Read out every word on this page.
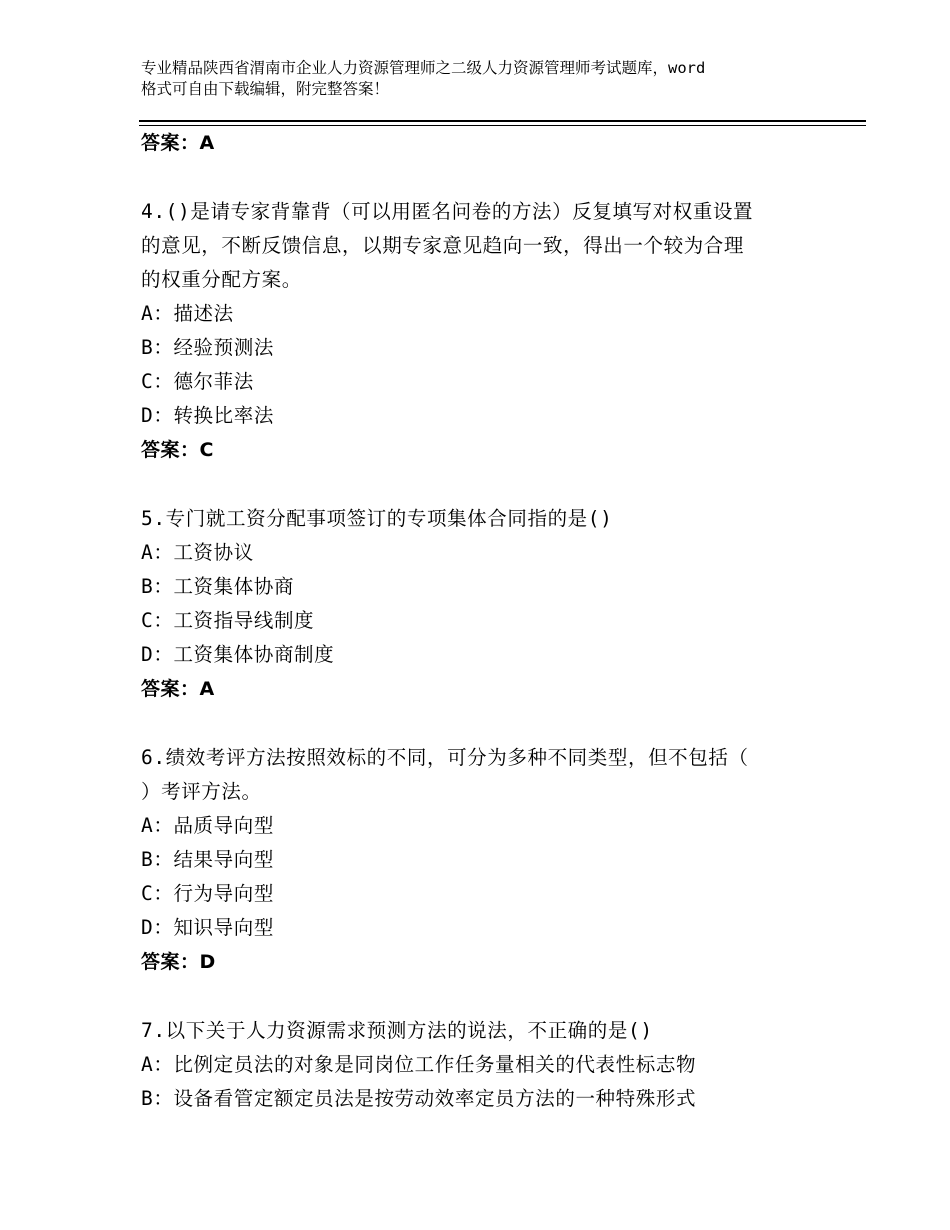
专业精品陕西省渭南市企业人力资源管理师之二级人力资源管理师考试题库，word
格式可自由下载编辑，附完整答案！
答案：A
4.()是请专家背靠背（可以用匿名问卷的方法）反复填写对权重设置
的意见，不断反馈信息，以期专家意见趋向一致，得出一个较为合理
的权重分配方案。
A：描述法
B：经验预测法
C：德尔菲法
D：转换比率法
答案：C
5.专门就工资分配事项签订的专项集体合同指的是()
A：工资协议
B：工资集体协商
C：工资指导线制度
D：工资集体协商制度
答案：A
6.绩效考评方法按照效标的不同，可分为多种不同类型，但不包括（
）考评方法。
A：品质导向型
B：结果导向型
C：行为导向型
D：知识导向型
答案：D
7.以下关于人力资源需求预测方法的说法，不正确的是()
A：比例定员法的对象是同岗位工作任务量相关的代表性标志物
B：设备看管定额定员法是按劳动效率定员方法的一种特殊形式
